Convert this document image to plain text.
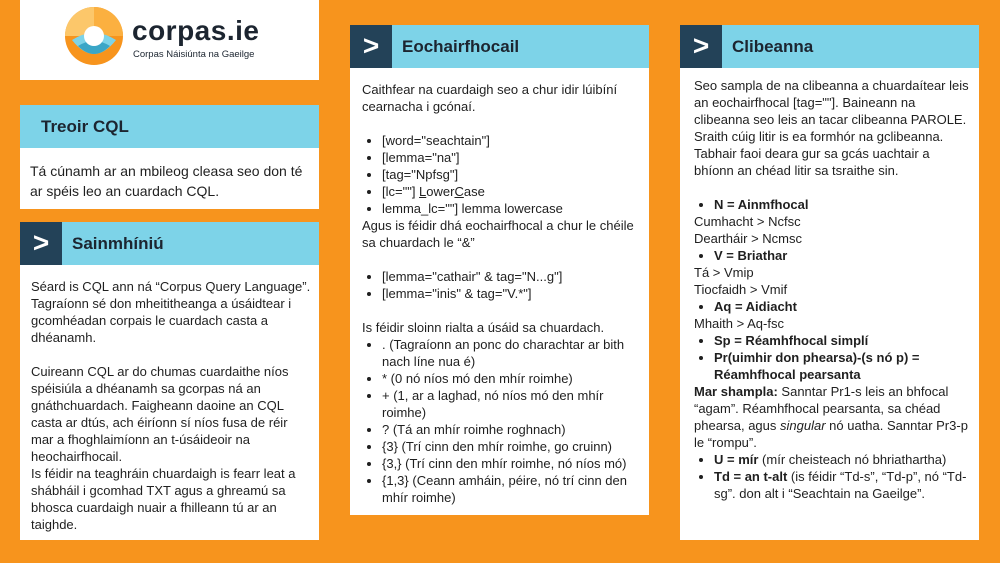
corpas.ie
Corpas Náisiúnta na Gaeilge
Treoir CQL
Tá cúnamh ar an mbileog cleasa seo don té ar spéis leo an cuardach CQL.
>	Sainmhíniú

Séard is CQL ann ná “Corpus Query Language”. Tagraíonn sé don mheititheanga a úsáidtear i gcomhéadan corpais le cuardach casta a dhéanamh.

Cuireann CQL ar do chumas cuardaithe níos spéisiúla a dhéanamh sa gcorpas ná an gnáthchuardach. Faigheann daoine an CQL casta ar dtús, ach éiríonn sí níos fusa de réir mar a fhoghlaimíonn an t-úsáideoir na heochairfhocail.

Is féidir na teaghráin chuardaigh is fearr leat a shábháil i gcomhad TXT agus a ghreamú sa bhosca cuardaigh nuair a fhilleann tú ar an taighde.

>	Eochairfhocail

Caithfear na cuardaigh seo a chur idir lúibíní cearnacha i gcónaí.

• [word="seachtain"]
• [lemma="na"]
• [tag="Npfsg"]
• [lc=""] LowerCase
• lemma_lc=""] lemma lowercase

Agus is féidir dhá eochairfhocal a chur le chéile sa chuardach le “&”

• [lemma="cathair" & tag="N...g"]
• [lemma="inis" & tag="V.*"]

Is féidir sloinn rialta a úsáid sa chuardach.

• . (Tagraíonn an ponc do charachtar ar bith nach líne nua é)
• * (0 nó níos mó den mhír roimhe)
• + (1, ar a laghad, nó níos mó den mhír roimhe)
• ? (Tá an mhír roimhe roghnach)
• {3} (Trí cinn den mhír roimhe, go cruinn)
• {3,} (Trí cinn den mhír roimhe, nó níos mó)
• {1,3} (Ceann amháin, péire, nó trí cinn den mhír roimhe)
>	Clibeanna

Seo sampla de na clibeanna a chuardaítear leis an eochairfhocal [tag=""]. Baineann na clibeanna seo leis an tacar clibeanna PAROLE.

Sraith cúig litir is ea formhór na gclibeanna. Tabhair faoi deara gur sa gcás uachtair a bhíonn an chéad litir sa tsraithe sin.

• N = Ainmfhocal

Cumhacht > Ncfsc

Deartháir > Ncmsc

• V = Briathar

Tá > Vmip

Tiocfaidh > Vmif

• Aq = Aidiacht

Mhaith > Aq-fsc

• Sp = Réamhfhocal simplí
• Pr(uimhir don phearsa)-(s nó p) = Réamhfhocal pearsanta

Mar shampla: Sanntar Pr1-s leis an bhfocal “agam”. Réamhfhocal pearsanta, sa chéad phearsa, agus singular nó uatha. Sanntar Pr3-p le “rompu”.

• U = mír (mír cheisteach nó bhriathartha)
• Td = an t-alt (is féidir “Td-s”, “Td-p”, nó “Td-sg”. don alt i “Seachtain na Gaeilge”.
